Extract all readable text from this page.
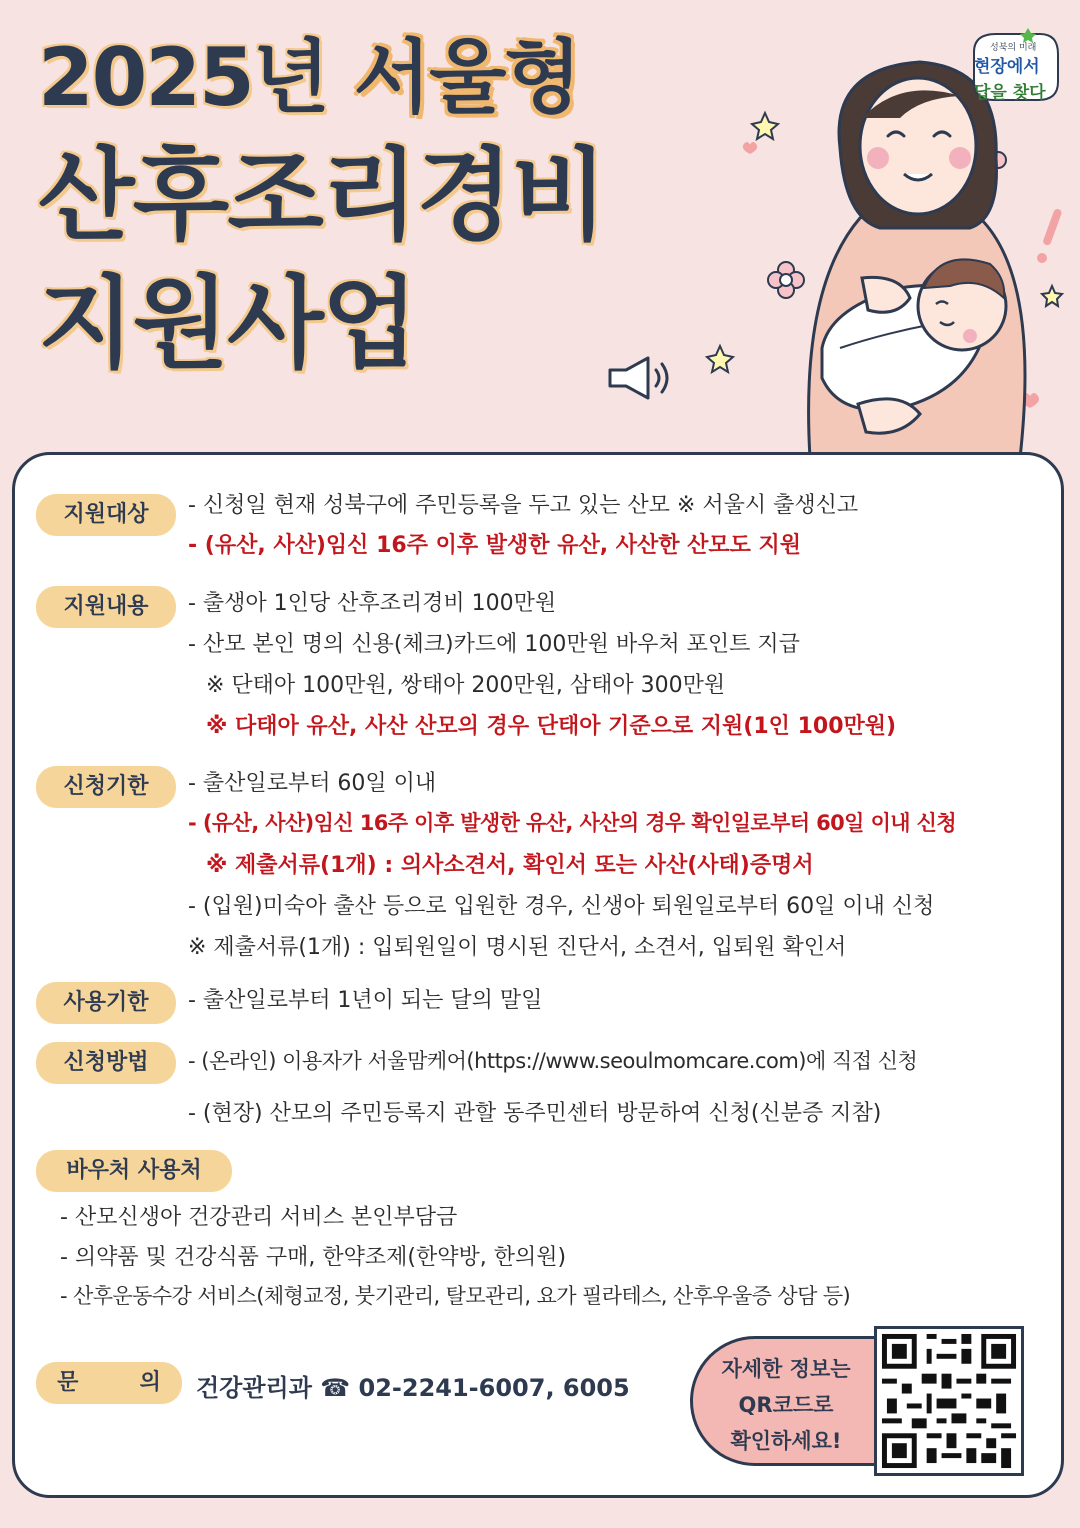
2025년 서울형
산후조리경비
지원사업
성북의 미래
현장에서
답을 찾다
지원대상	- 신청일 현재 성북구에 주민등록을 두고 있는 산모 ※ 서울시 출생신고
- (유산, 사산)임신 16주 이후 발생한 유산, 사산한 산모도 지원
지원내용	- 출생아 1인당 산후조리경비 100만원
- 산모 본인 명의 신용(체크)카드에 100만원 바우처 포인트 지급
※ 단태아 100만원, 쌍태아 200만원, 삼태아 300만원
※ 다태아 유산, 사산 산모의 경우 단태아 기준으로 지원(1인 100만원)
신청기한	- 출산일로부터 60일 이내
- (유산, 사산)임신 16주 이후 발생한 유산, 사산의 경우 확인일로부터 60일 이내 신청
※ 제출서류(1개) : 의사소견서, 확인서 또는 사산(사태)증명서
- (입원)미숙아 출산 등으로 입원한 경우, 신생아 퇴원일로부터 60일 이내 신청
※ 제출서류(1개) : 입퇴원일이 명시된 진단서, 소견서, 입퇴원 확인서
사용기한	- 출산일로부터 1년이 되는 달의 말일
신청방법	- (온라인) 이용자가 서울맘케어(https://www.seoulmomcare.com)에 직접 신청
- (현장) 산모의 주민등록지 관할 동주민센터 방문하여 신청(신분증 지참)
바우처 사용처
- 산모신생아 건강관리 서비스 본인부담금
- 의약품 및 건강식품 구매, 한약조제(한약방, 한의원)
- 산후운동수강 서비스(체형교정, 붓기관리, 탈모관리, 요가 필라테스, 산후우울증 상담 등)
문        의	건강관리과 ☎ 02-2241-6007, 6005
자세한 정보는
QR코드로
확인하세요!
